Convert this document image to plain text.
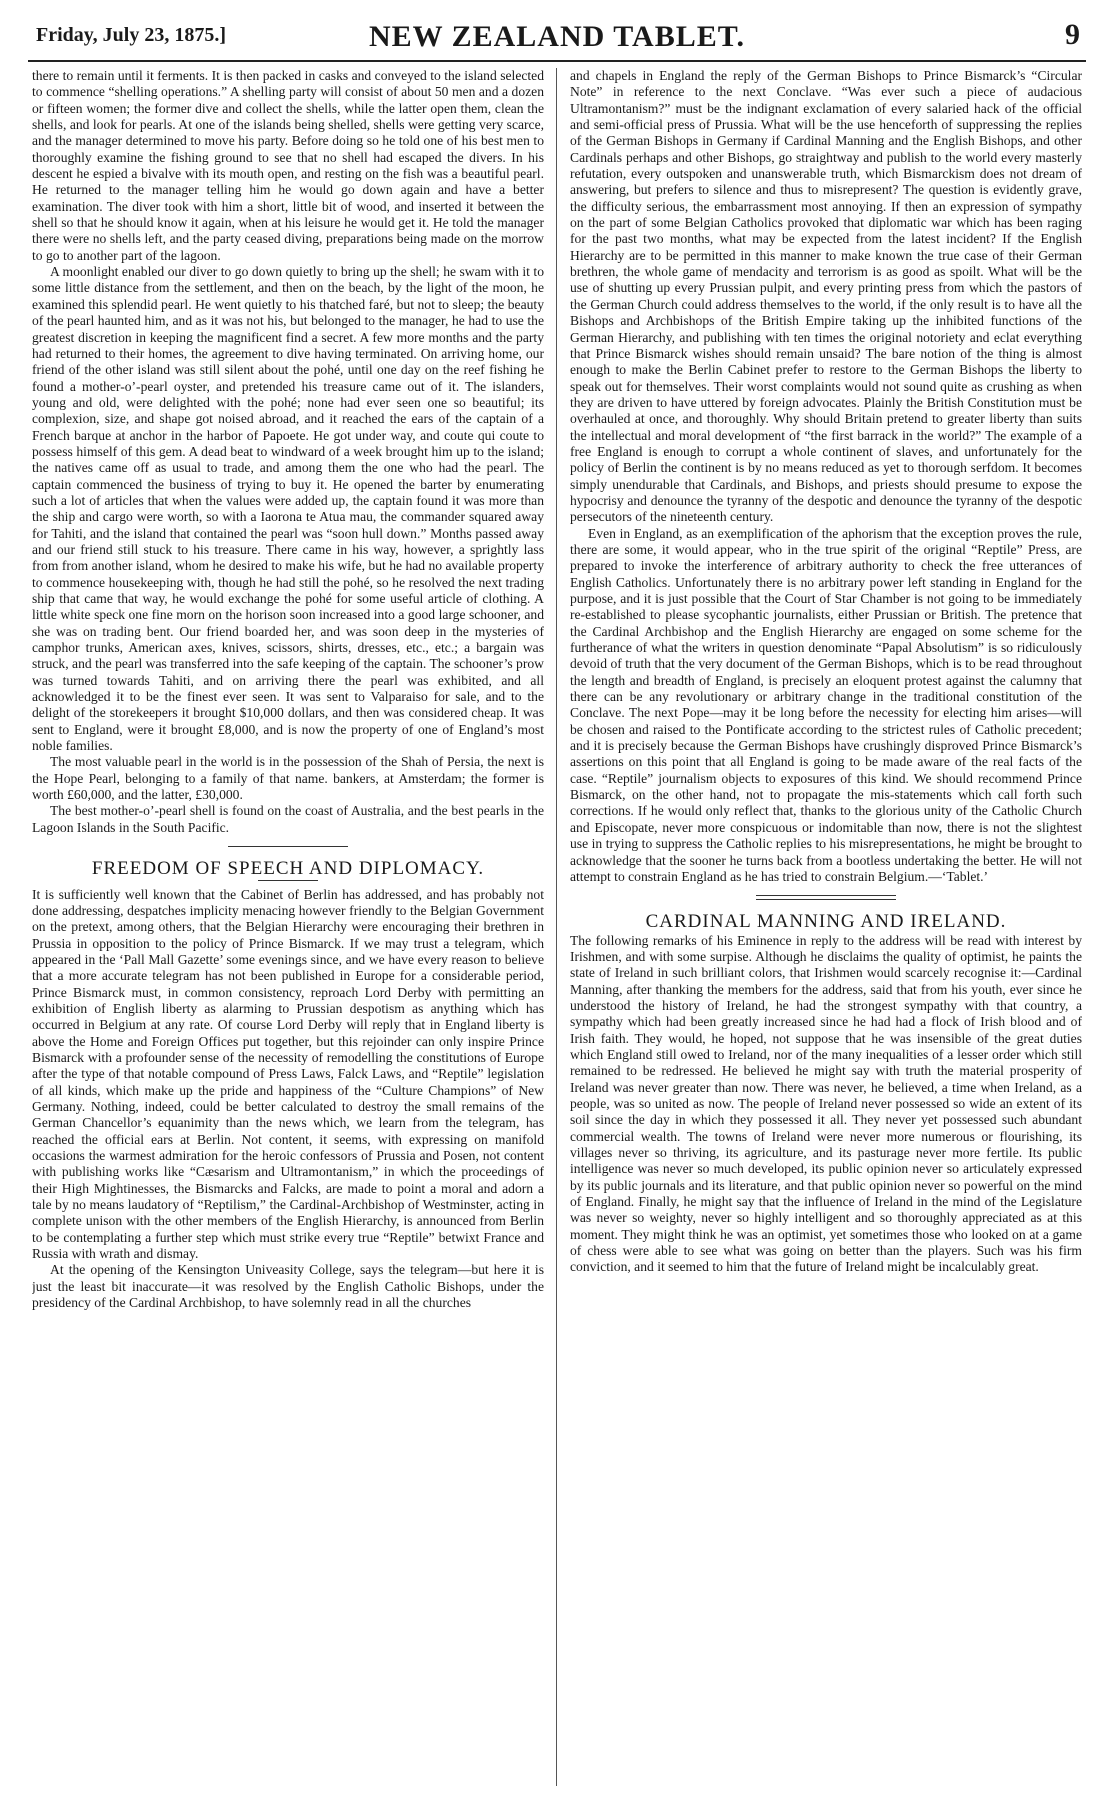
Friday, July 23, 1875.]	NEW ZEALAND TABLET.	9

there to remain until it ferments. It is then packed in casks and conveyed to the island selected to commence “shelling operations.” A shelling party will consist of about 50 men and a dozen or fifteen women; the former dive and collect the shells, while the latter open them, clean the shells, and look for pearls. At one of the islands being shelled, shells were getting very scarce, and the manager determined to move his party. Before doing so he told one of his best men to thoroughly examine the fishing ground to see that no shell had escaped the divers. In his descent he espied a bivalve with its mouth open, and resting on the fish was a beautiful pearl. He returned to the manager telling him he would go down again and have a better examination. The diver took with him a short, little bit of wood, and inserted it between the shell so that he should know it again, when at his leisure he would get it. He told the manager there were no shells left, and the party ceased diving, preparations being made on the morrow to go to another part of the lagoon.

A moonlight enabled our diver to go down quietly to bring up the shell; he swam with it to some little distance from the settlement, and then on the beach, by the light of the moon, he examined this splendid pearl. He went quietly to his thatched faré, but not to sleep; the beauty of the pearl haunted him, and as it was not his, but belonged to the manager, he had to use the greatest discretion in keeping the magnificent find a secret. A few more months and the party had returned to their homes, the agreement to dive having terminated. On arriving home, our friend of the other island was still silent about the pohé, until one day on the reef fishing he found a mother-o’-pearl oyster, and pretended his treasure came out of it. The islanders, young and old, were delighted with the pohé; none had ever seen one so beautiful; its complexion, size, and shape got noised abroad, and it reached the ears of the captain of a French barque at anchor in the harbor of Papoete. He got under way, and coute qui coute to possess himself of this gem. A dead beat to windward of a week brought him up to the island; the natives came off as usual to trade, and among them the one who had the pearl. The captain commenced the business of trying to buy it. He opened the barter by enumerating such a lot of articles that when the values were added up, the captain found it was more than the ship and cargo were worth, so with a Iaorona te Atua mau, the commander squared away for Tahiti, and the island that contained the pearl was “soon hull down.” Months passed away and our friend still stuck to his treasure. There came in his way, however, a sprightly lass from from another island, whom he desired to make his wife, but he had no available property to commence housekeeping with, though he had still the pohé, so he resolved the next trading ship that came that way, he would exchange the pohé for some useful article of clothing. A little white speck one fine morn on the horison soon increased into a good large schooner, and she was on trading bent. Our friend boarded her, and was soon deep in the mysteries of camphor trunks, American axes, knives, scissors, shirts, dresses, etc., etc.; a bargain was struck, and the pearl was transferred into the safe keeping of the captain. The schooner’s prow was turned towards Tahiti, and on arriving there the pearl was exhibited, and all acknowledged it to be the finest ever seen. It was sent to Valparaiso for sale, and to the delight of the storekeepers it brought $10,000 dollars, and then was considered cheap. It was sent to England, were it brought £8,000, and is now the property of one of England’s most noble families.

The most valuable pearl in the world is in the possession of the Shah of Persia, the next is the Hope Pearl, belonging to a family of that name. bankers, at Amsterdam; the former is worth £60,000, and the latter, £30,000.

The best mother-o’-pearl shell is found on the coast of Australia, and the best pearls in the Lagoon Islands in the South Pacific.

FREEDOM OF SPEECH AND DIPLOMACY.

It is sufficiently well known that the Cabinet of Berlin has addressed, and has probably not done addressing, despatches implicity menacing however friendly to the Belgian Government on the pretext, among others, that the Belgian Hierarchy were encouraging their brethren in Prussia in opposition to the policy of Prince Bismarck. If we may trust a telegram, which appeared in the ‘Pall Mall Gazette’ some evenings since, and we have every reason to believe that a more accurate telegram has not been published in Europe for a considerable period, Prince Bismarck must, in common consistency, reproach Lord Derby with permitting an exhibition of English liberty as alarming to Prussian despotism as anything which has occurred in Belgium at any rate. Of course Lord Derby will reply that in England liberty is above the Home and Foreign Offices put together, but this rejoinder can only inspire Prince Bismarck with a profounder sense of the necessity of remodelling the constitutions of Europe after the type of that notable compound of Press Laws, Falck Laws, and “Reptile” legislation of all kinds, which make up the pride and happiness of the “Culture Champions” of New Germany. Nothing, indeed, could be better calculated to destroy the small remains of the German Chancellor’s equanimity than the news which, we learn from the telegram, has reached the official ears at Berlin. Not content, it seems, with expressing on manifold occasions the warmest admiration for the heroic confessors of Prussia and Posen, not content with publishing works like “Cæsarism and Ultramontanism,” in which the proceedings of their High Mightinesses, the Bismarcks and Falcks, are made to point a moral and adorn a tale by no means laudatory of “Reptilism,” the Cardinal-Archbishop of Westminster, acting in complete unison with the other members of the English Hierarchy, is announced from Berlin to be contemplating a further step which must strike every true “Reptile” betwixt France and Russia with wrath and dismay.

At the opening of the Kensington Univeasity College, says the telegram—but here it is just the least bit inaccurate—it was resolved by the English Catholic Bishops, under the presidency of the Cardinal Archbishop, to have solemnly read in all the churches

and chapels in England the reply of the German Bishops to Prince Bismarck’s “Circular Note” in reference to the next Conclave. “Was ever such a piece of audacious Ultramontanism?” must be the indignant exclamation of every salaried hack of the official and semi-official press of Prussia. What will be the use henceforth of suppressing the replies of the German Bishops in Germany if Cardinal Manning and the English Bishops, and other Cardinals perhaps and other Bishops, go straightway and publish to the world every masterly refutation, every outspoken and unanswerable truth, which Bismarckism does not dream of answering, but prefers to silence and thus to misrepresent? The question is evidently grave, the difficulty serious, the embarrassment most annoying. If then an expression of sympathy on the part of some Belgian Catholics provoked that diplomatic war which has been raging for the past two months, what may be expected from the latest incident? If the English Hierarchy are to be permitted in this manner to make known the true case of their German brethren, the whole game of mendacity and terrorism is as good as spoilt. What will be the use of shutting up every Prussian pulpit, and every printing press from which the pastors of the German Church could address themselves to the world, if the only result is to have all the Bishops and Archbishops of the British Empire taking up the inhibited functions of the German Hierarchy, and publishing with ten times the original notoriety and eclat everything that Prince Bismarck wishes should remain unsaid? The bare notion of the thing is almost enough to make the Berlin Cabinet prefer to restore to the German Bishops the liberty to speak out for themselves. Their worst complaints would not sound quite as crushing as when they are driven to have uttered by foreign advocates. Plainly the British Constitution must be overhauled at once, and thoroughly. Why should Britain pretend to greater liberty than suits the intellectual and moral development of “the first barrack in the world?” The example of a free England is enough to corrupt a whole continent of slaves, and unfortunately for the policy of Berlin the continent is by no means reduced as yet to thorough serfdom. It becomes simply unendurable that Cardinals, and Bishops, and priests should presume to expose the hypocrisy and denounce the tyranny of the despotic and denounce the tyranny of the despotic persecutors of the nineteenth century.

Even in England, as an exemplification of the aphorism that the exception proves the rule, there are some, it would appear, who in the true spirit of the original “Reptile” Press, are prepared to invoke the interference of arbitrary authority to check the free utterances of English Catholics. Unfortunately there is no arbitrary power left standing in England for the purpose, and it is just possible that the Court of Star Chamber is not going to be immediately re-established to please sycophantic journalists, either Prussian or British. The pretence that the Cardinal Archbishop and the English Hierarchy are engaged on some scheme for the furtherance of what the writers in question denominate “Papal Absolutism” is so ridiculously devoid of truth that the very document of the German Bishops, which is to be read throughout the length and breadth of England, is precisely an eloquent protest against the calumny that there can be any revolutionary or arbitrary change in the traditional constitution of the Conclave. The next Pope—may it be long before the necessity for electing him arises—will be chosen and raised to the Pontificate according to the strictest rules of Catholic precedent; and it is precisely because the German Bishops have crushingly disproved Prince Bismarck’s assertions on this point that all England is going to be made aware of the real facts of the case. “Reptile” journalism objects to exposures of this kind. We should recommend Prince Bismarck, on the other hand, not to propagate the mis-statements which call forth such corrections. If he would only reflect that, thanks to the glorious unity of the Catholic Church and Episcopate, never more conspicuous or indomitable than now, there is not the slightest use in trying to suppress the Catholic replies to his misrepresentations, he might be brought to acknowledge that the sooner he turns back from a bootless undertaking the better. He will not attempt to constrain England as he has tried to constrain Belgium.—‘Tablet.’

CARDINAL MANNING AND IRELAND.

The following remarks of his Eminence in reply to the address will be read with interest by Irishmen, and with some surpise. Although he disclaims the quality of optimist, he paints the state of Ireland in such brilliant colors, that Irishmen would scarcely recognise it:—Cardinal Manning, after thanking the members for the address, said that from his youth, ever since he understood the history of Ireland, he had the strongest sympathy with that country, a sympathy which had been greatly increased since he had had a flock of Irish blood and of Irish faith. They would, he hoped, not suppose that he was insensible of the great duties which England still owed to Ireland, nor of the many inequalities of a lesser order which still remained to be redressed. He believed he might say with truth the material prosperity of Ireland was never greater than now. There was never, he believed, a time when Ireland, as a people, was so united as now. The people of Ireland never possessed so wide an extent of its soil since the day in which they possessed it all. They never yet possessed such abundant commercial wealth. The towns of Ireland were never more numerous or flourishing, its villages never so thriving, its agriculture, and its pasturage never more fertile. Its public intelligence was never so much developed, its public opinion never so articulately expressed by its public journals and its literature, and that public opinion never so powerful on the mind of England. Finally, he might say that the influence of Ireland in the mind of the Legislature was never so weighty, never so highly intelligent and so thoroughly appreciated as at this moment. They might think he was an optimist, yet sometimes those who looked on at a game of chess were able to see what was going on better than the players. Such was his firm conviction, and it seemed to him that the future of Ireland might be incalculably great.
